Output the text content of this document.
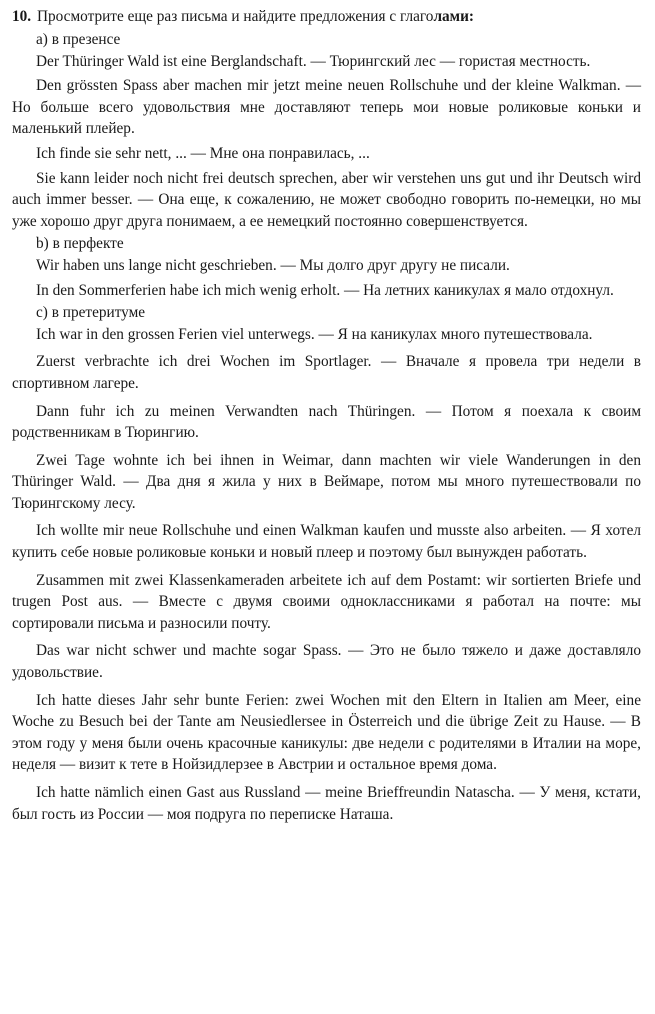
10. Просмотрите еще раз письма и найдите предложения с глаголами:

a) в презенсе

Der Thüringer Wald ist eine Berglandschaft. — Тюрингский лес — гористая местность.

Den grössten Spass aber machen mir jetzt meine neuen Rollschuhe und der kleine Walkman. — Но больше всего удовольствия мне доставляют теперь мои новые роликовые коньки и маленький плейер.

Ich finde sie sehr nett, ... — Мне она понравилась, ...

Sie kann leider noch nicht frei deutsch sprechen, aber wir verstehen uns gut und ihr Deutsch wird auch immer besser. — Она еще, к сожалению, не может свободно говорить по-немецки, но мы уже хорошо друг друга понимаем, а ее немецкий постоянно совершенствуется.

b) в перфекте

Wir haben uns lange nicht geschrieben. — Мы долго друг другу не писали.

In den Sommerferien habe ich mich wenig erholt. — На летних каникулах я мало отдохнул.

c) в претеритуме

Ich war in den grossen Ferien viel unterwegs. — Я на каникулах много путешествовала.

Zuerst verbrachte ich drei Wochen im Sportlager. — Вначале я провела три недели в спортивном лагере.

Dann fuhr ich zu meinen Verwandten nach Thüringen. — Потом я поехала к своим родственникам в Тюрингию.

Zwei Tage wohnte ich bei ihnen in Weimar, dann machten wir viele Wanderungen in den Thüringer Wald. — Два дня я жила у них в Веймаре, потом мы много путешествовали по Тюрингскому лесу.

Ich wollte mir neue Rollschuhe und einen Walkman kaufen und musste also arbeiten. — Я хотел купить себе новые роликовые коньки и новый плеер и поэтому был вынужден работать.

Zusammen mit zwei Klassenkameraden arbeitete ich auf dem Postamt: wir sortierten Briefe und trugen Post aus. — Вместе с двумя своими одноклассниками я работал на почте: мы сортировали письма и разносили почту.

Das war nicht schwer und machte sogar Spass. — Это не было тяжело и даже доставляло удовольствие.

Ich hatte dieses Jahr sehr bunte Ferien: zwei Wochen mit den Eltern in Italien am Meer, eine Woche zu Besuch bei der Tante am Neusiedlersee in Österreich und die übrige Zeit zu Hause. — В этом году у меня были очень красочные каникулы: две недели с родителями в Италии на море, неделя — визит к тете в Нойзидлерзее в Австрии и остальное время дома.

Ich hatte nämlich einen Gast aus Russland — meine Brieffreundin Natascha. — У меня, кстати, был гость из России — моя подруга по переписке Наташа.
